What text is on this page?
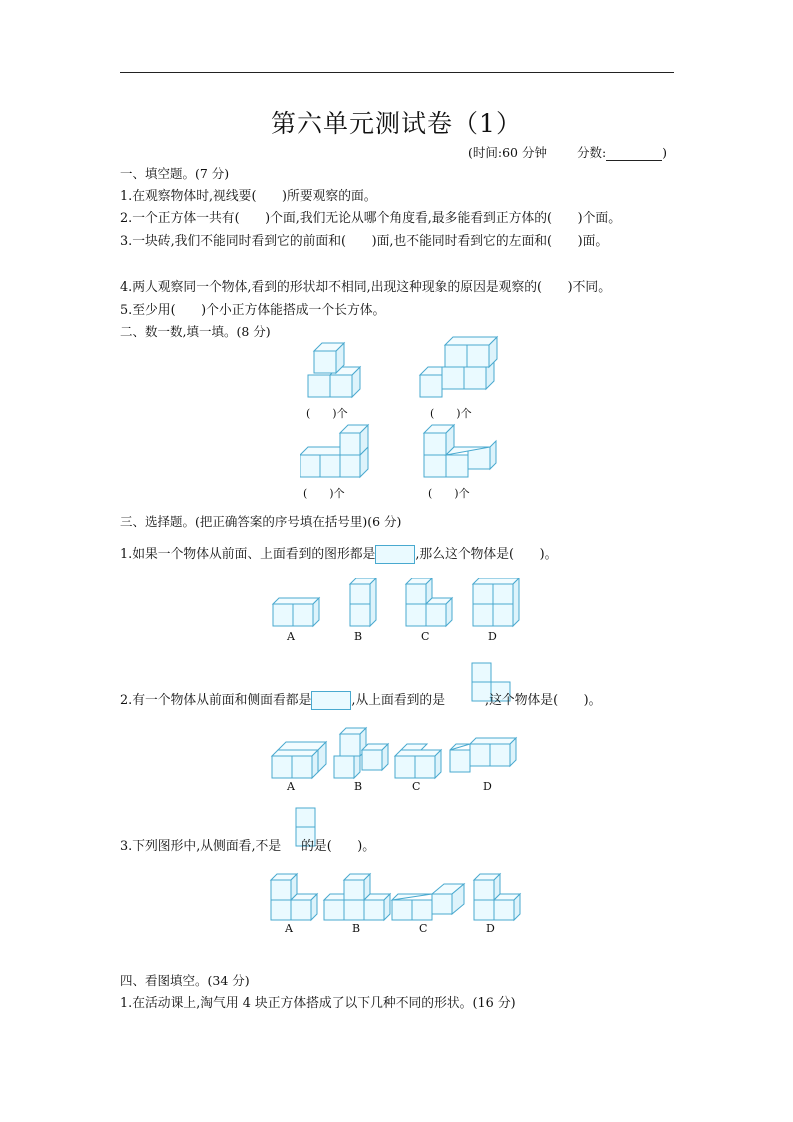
第六单元测试卷（1）
(时间:60 分钟 分数:	)
一、填空题。(7 分)
1.在观察物体时,视线要(　　)所要观察的面。
2.一个正方体一共有(　　)个面,我们无论从哪个角度看,最多能看到正方体的(　　)个面。
3.一块砖,我们不能同时看到它的前面和(　　)面,也不能同时看到它的左面和(　　)面。
4.两人观察同一个物体,看到的形状却不相同,出现这种现象的原因是观察的(　　)不同。
5.至少用(　　)个小正方体能搭成一个长方体。
二、数一数,填一填。(8 分)
(　　)个	(　　)个
(　　)个	(　　)个
三、选择题。(把正确答案的序号填在括号里)(6 分)
1.如果一个物体从前面、上面看到的图形都是	,那么这个物体是(　　)。
A	B	C	D
2.有一个物体从前面和侧面看都是	,从上面看到的是	,这个物体是(　　)。
A	B	C	D
3.下列图形中,从侧面看,不是 的是(　　)。
A	B	C	D
四、看图填空。(34 分)
1.在活动课上,淘气用 4 块正方体搭成了以下几种不同的形状。(16 分)
